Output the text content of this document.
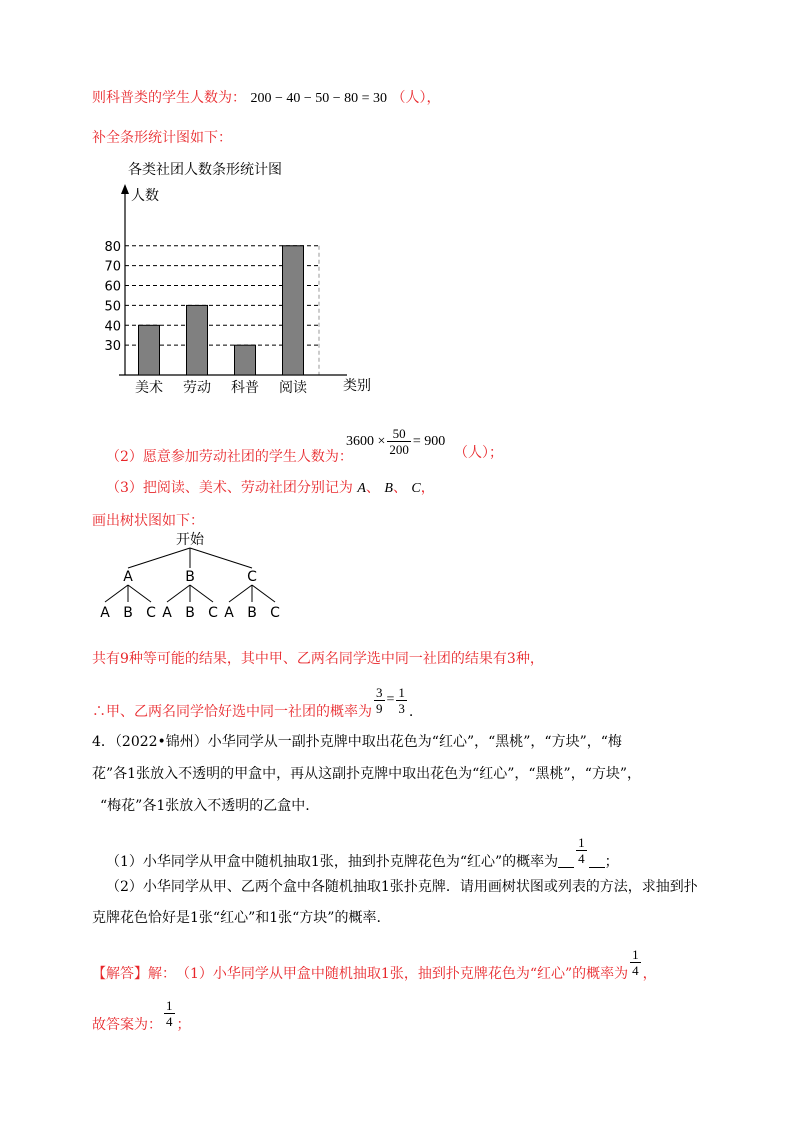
则科普类的学生人数为： 200 − 40 − 50 − 80 = 30 （人），
补全条形统计图如下：
各类社团人数条形统计图
人数
类别
30
40
50
60
70
80
美术 劳动 科普 阅读
（2）愿意参加劳动社团的学生人数为：
$3600 \times \frac{50}{200} = 900$
（人）；
（3）把阅读、美术、劳动社团分别记为 A、 B、 C，
画出树状图如下：
开始
A
A B C
B
A B C
C
A B C
共有9种等可能的结果，其中甲、乙两名同学选中同一社团的结果有3种，
∴甲、乙两名同学恰好选中同一社团的概率为 $\frac{3}{9} = \frac{1}{3}$ .
4．（2022•锦州）小华同学从一副扑克牌中取出花色为“红心”，“黑桃”，“方块”，“梅
花”各1张放入不透明的甲盒中，再从这副扑克牌中取出花色为“红心”，“黑桃”，“方块”，
“梅花”各1张放入不透明的乙盒中.
（1）小华同学从甲盒中随机抽取1张，抽到扑克牌花色为“红心”的概率为 $\frac{1}{4}$ ；
（2）小华同学从甲、乙两个盒中各随机抽取1张扑克牌．请用画树状图或列表的方法，求抽到扑
克牌花色恰好是1张“红心”和1张“方块”的概率.
【解答】 解： （1）小华同学从甲盒中随机抽取1张，抽到扑克牌花色为“红心”的概率为 $\frac{1}{4}$ ，
故答案为： $\frac{1}{4}$ ；
